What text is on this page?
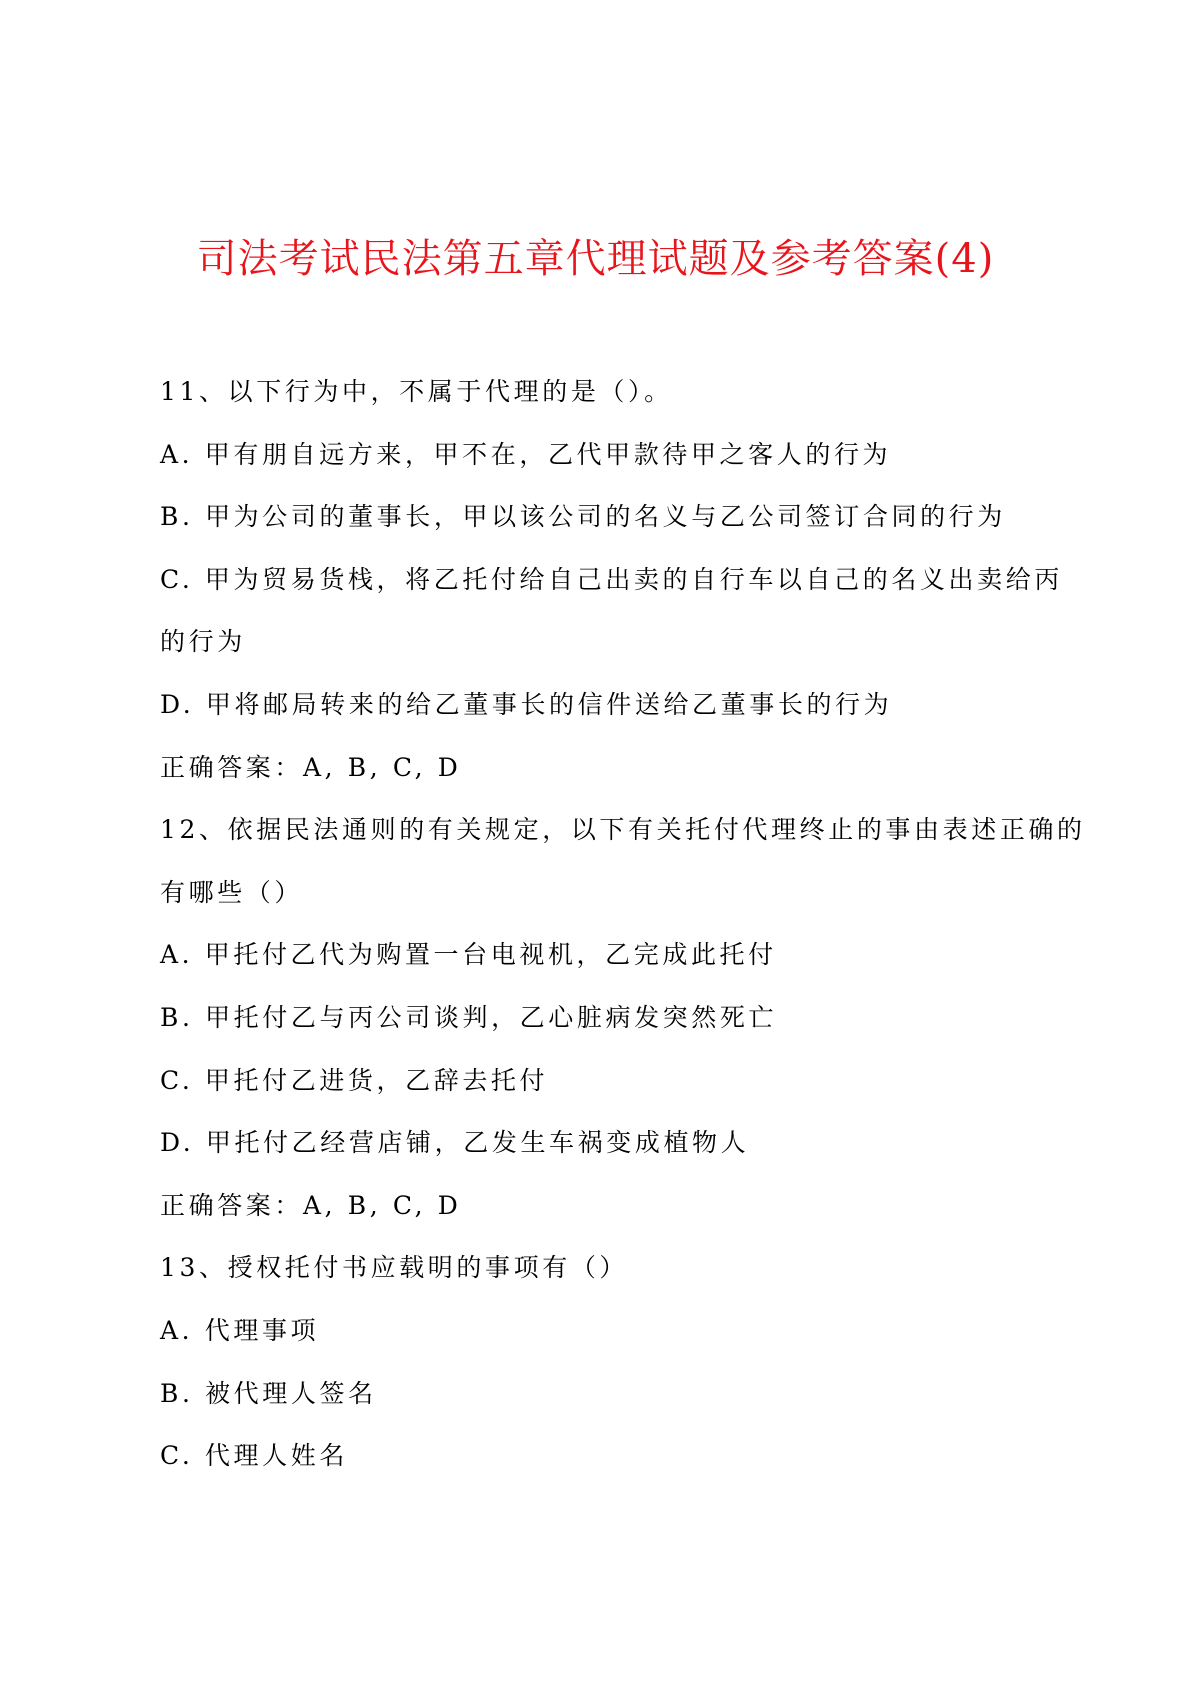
司法考试民法第五章代理试题及参考答案(4)
11、以下行为中，不属于代理的是（）。
A. 甲有朋自远方来，甲不在，乙代甲款待甲之客人的行为
B. 甲为公司的董事长，甲以该公司的名义与乙公司签订合同的行为
C. 甲为贸易货栈，将乙托付给自己出卖的自行车以自己的名义出卖给丙
的行为
D. 甲将邮局转来的给乙董事长的信件送给乙董事长的行为
正确答案：A, B, C, D
12、依据民法通则的有关规定，以下有关托付代理终止的事由表述正确的
有哪些（）
A. 甲托付乙代为购置一台电视机，乙完成此托付
B. 甲托付乙与丙公司谈判，乙心脏病发突然死亡
C. 甲托付乙进货，乙辞去托付
D. 甲托付乙经营店铺，乙发生车祸变成植物人
正确答案：A, B, C, D
13、授权托付书应载明的事项有（）
A. 代理事项
B. 被代理人签名
C. 代理人姓名
